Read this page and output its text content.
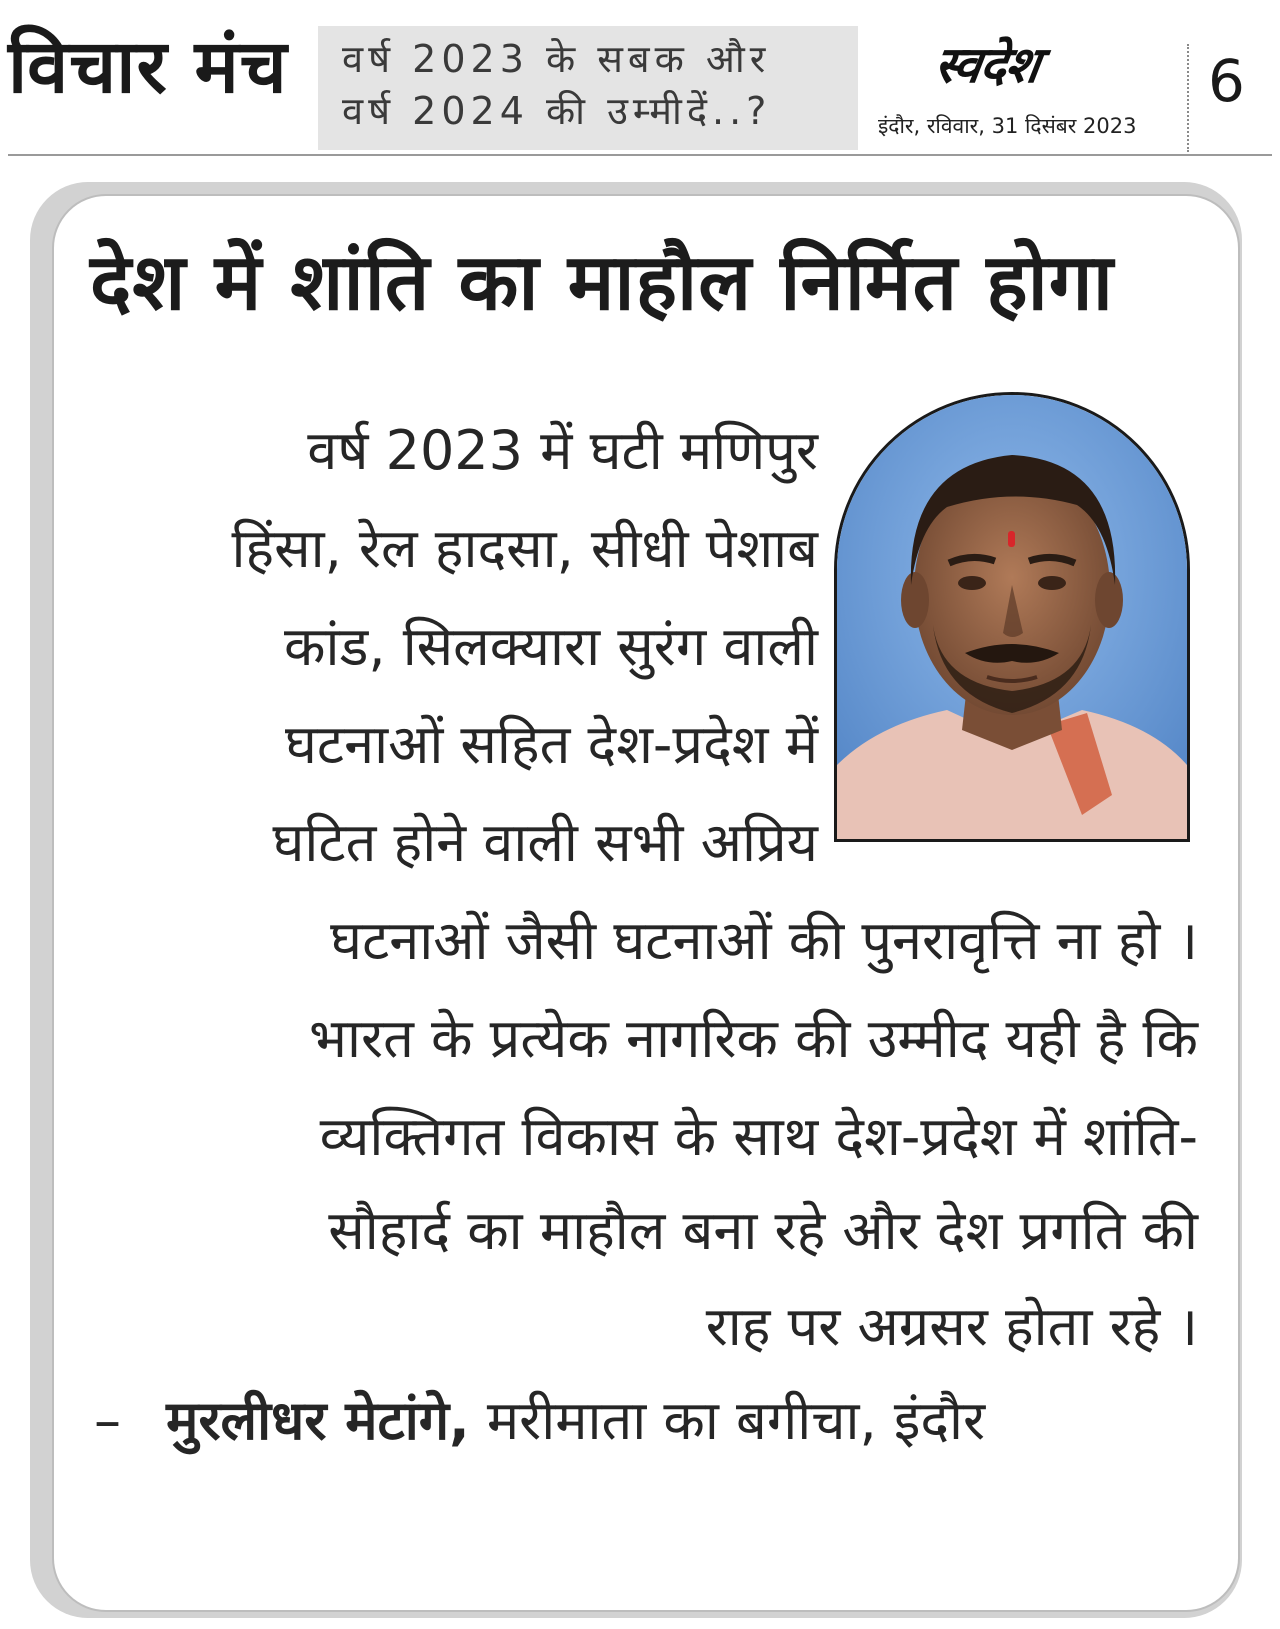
विचार मंच वर्ष 2023 के सबक और
वर्ष 2024 की उम्मीदें..?
स्वदेश
इंदौर, रविवार, 31 दिसंबर 2023
6
देश में शांति का माहौल निर्मित होगा
वर्ष 2023 में घटी मणिपुर
हिंसा, रेल हादसा, सीधी पेशाब
कांड, सिलक्यारा सुरंग वाली
घटनाओं सहित देश-प्रदेश में
घटित होने वाली सभी अप्रिय
घटनाओं जैसी घटनाओं की पुनरावृत्ति ना हो ।
भारत के प्रत्येक नागरिक की उम्मीद यही है कि
व्यक्तिगत विकास के साथ देश-प्रदेश में शांति-
सौहार्द का माहौल बना रहे और देश प्रगति की
राह पर अग्रसर होता रहे ।
– मुरलीधर मेटांगे, मरीमाता का बगीचा, इंदौर
